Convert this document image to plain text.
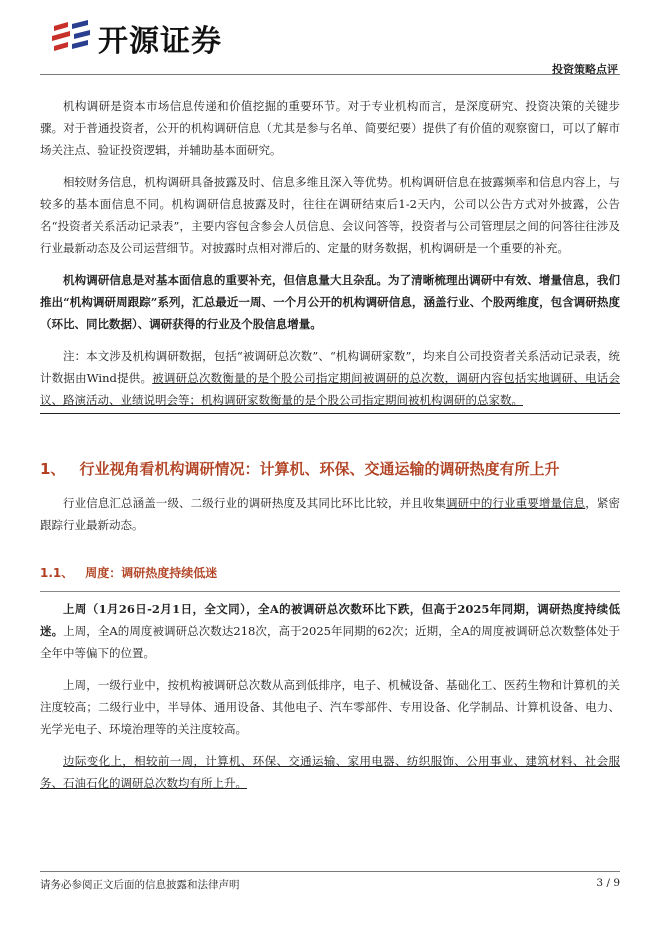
开源证券
投资策略点评

机构调研是资本市场信息传递和价值挖掘的重要环节。对于专业机构而言，是深度研究、投资决策的关键步骤。对于普通投资者，公开的机构调研信息（尤其是参与名单、简要纪要）提供了有价值的观察窗口，可以了解市场关注点、验证投资逻辑，并辅助基本面研究。

相较财务信息，机构调研具备披露及时、信息多维且深入等优势。机构调研信息在披露频率和信息内容上，与较多的基本面信息不同。机构调研信息披露及时，往往在调研结束后1-2天内，公司以公告方式对外披露，公告名“投资者关系活动记录表”，主要内容包含参会人员信息、会议问答等，投资者与公司管理层之间的问答往往涉及行业最新动态及公司运营细节。对披露时点相对滞后的、定量的财务数据，机构调研是一个重要的补充。

机构调研信息是对基本面信息的重要补充，但信息量大且杂乱。为了清晰梳理出调研中有效、增量信息，我们推出“机构调研周跟踪”系列，汇总最近一周、一个月公开的机构调研信息，涵盖行业、个股两维度，包含调研热度（环比、同比数据）、调研获得的行业及个股信息增量。

注：本文涉及机构调研数据，包括“被调研总次数”、“机构调研家数”，均来自公司投资者关系活动记录表，统计数据由Wind提供。被调研总次数衡量的是个股公司指定期间被调研的总次数，调研内容包括实地调研、电话会议、路演活动、业绩说明会等；机构调研家数衡量的是个股公司指定期间被机构调研的总家数。

1、 行业视角看机构调研情况：计算机、环保、交通运输的调研热度有所上升

行业信息汇总涵盖一级、二级行业的调研热度及其同比环比比较，并且收集调研中的行业重要增量信息，紧密跟踪行业最新动态。

1.1、 周度：调研热度持续低迷

上周（1月26日-2月1日，全文同），全A的被调研总次数环比下跌，但高于2025年同期，调研热度持续低迷。上周，全A的周度被调研总次数达218次，高于2025年同期的62次；近期，全A的周度被调研总次数整体处于全年中等偏下的位置。

上周，一级行业中，按机构被调研总次数从高到低排序，电子、机械设备、基础化工、医药生物和计算机的关注度较高；二级行业中，半导体、通用设备、其他电子、汽车零部件、专用设备、化学制品、计算机设备、电力、光学光电子、环境治理等的关注度较高。

边际变化上，相较前一周，计算机、环保、交通运输、家用电器、纺织服饰、公用事业、建筑材料、社会服务、石油石化的调研总次数均有所上升。

请务必参阅正文后面的信息披露和法律声明	3 / 9
